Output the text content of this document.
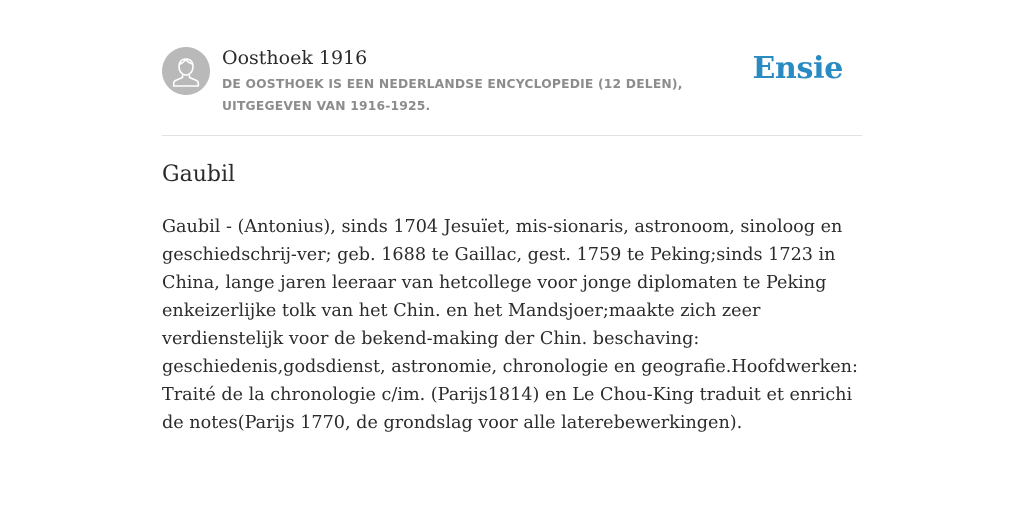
Oosthoek 1916
DE OOSTHOEK IS EEN NEDERLANDSE ENCYCLOPEDIE (12 DELEN), UITGEGEVEN VAN 1916-1925.
Ensie
Gaubil

Gaubil - (Antonius), sinds 1704 Jesuïet, mis-sionaris, astronoom, sinoloog en geschiedschrij-ver; geb. 1688 te Gaillac, gest. 1759 te Peking;sinds 1723 in China, lange jaren leeraar van hetcollege voor jonge diplomaten te Peking enkeizerlijke tolk van het Chin. en het Mandsjoer;maakte zich zeer verdienstelijk voor de bekend-making der Chin. beschaving: geschiedenis,godsdienst, astronomie, chronologie en geografie.Hoofdwerken: Traité de la chronologie c/im. (Parijs1814) en Le Chou-King traduit et enrichi de notes(Parijs 1770, de grondslag voor alle laterebewerkingen).
